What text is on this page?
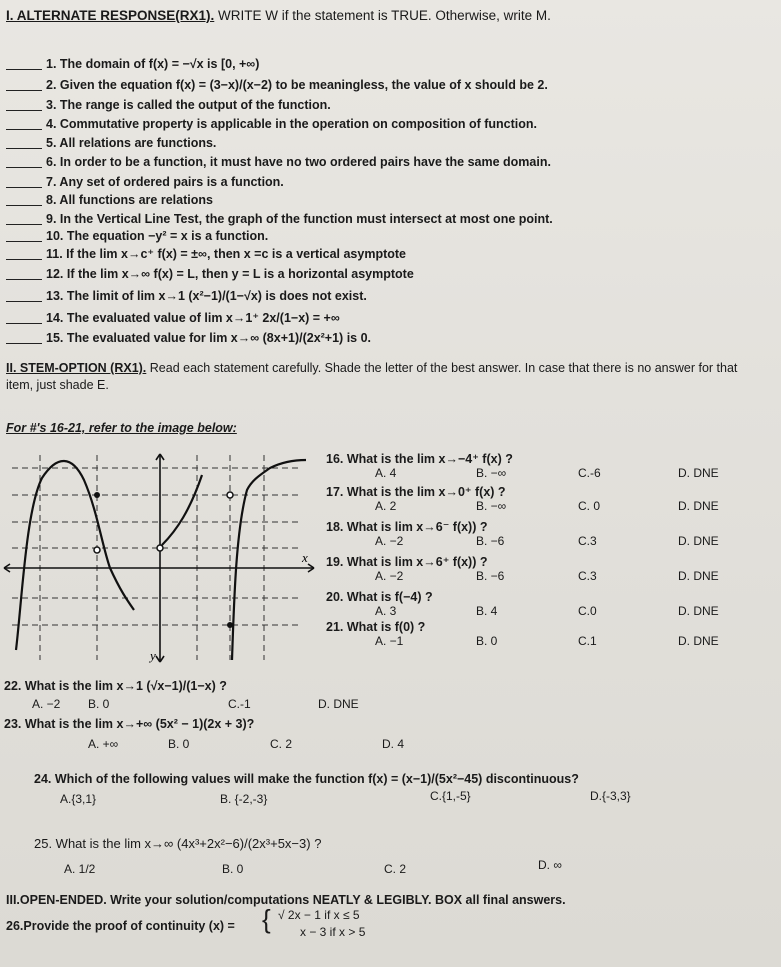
I. ALTERNATE RESPONSE(RX1). WRITE W if the statement is TRUE. Otherwise, write M.
1. The domain of f(x) = −√x is [0, +∞)
2. Given the equation f(x) = (3−x)/(x−2) to be meaningless, the value of x should be 2.
3. The range is called the output of the function.
4. Commutative property is applicable in the operation on composition of function.
5. All relations are functions.
6. In order to be a function, it must have no two ordered pairs have the same domain.
7. Any set of ordered pairs is a function.
8. All functions are relations
9. In the Vertical Line Test, the graph of the function must intersect at most one point.
10. The equation −y² = x is a function.
11. If the lim x→c⁺ f(x) = ±∞, then x =c is a vertical asymptote
12. If the lim x→∞ f(x) = L, then y = L is a horizontal asymptote
13. The limit of lim x→1 (x²−1)/(1−√x) is does not exist.
14. The evaluated value of lim x→1⁺ 2x/(1−x) = +∞
15. The evaluated value for lim x→∞ (8x+1)/(2x²+1) is 0.
II. STEM-OPTION (RX1). Read each statement carefully. Shade the letter of the best answer. In case that there is no answer for that
item, just shade E.
For #'s 16-21, refer to the image below:
x
y
16. What is the lim x→−4⁺ f(x) ?
A. 4	B. −∞	C.-6	D. DNE
17. What is the lim x→0⁺ f(x) ?
A. 2	B. −∞	C. 0	D. DNE
18. What is lim x→6⁻ f(x)) ?
A. −2	B. −6	C.3	D. DNE
19. What is lim x→6⁺ f(x)) ?
A. −2	B. −6	C.3	D. DNE
20. What is f(−4) ?
A. 3	B. 4	C.0	D. DNE
21. What is f(0) ?
A. −1	B. 0	C.1	D. DNE
22. What is the lim x→1 (√x−1)/(1−x) ?
A. −2 B. 0	C.-1	D. DNE
23. What is the lim x→+∞ (5x² − 1)(2x + 3)?
A. +∞	B. 0	C. 2	D. 4
24. Which of the following values will make the function f(x) = (x−1)/(5x²−45) discontinuous?
A.{3,1}	B. {-2,-3}	C.{1,-5}	D.{-3,3}
25. What is the lim x→∞ (4x³+2x²−6)/(2x³+5x−3) ?
A. 1/2	B. 0	C. 2	D. ∞
III.OPEN-ENDED. Write your solution/computations NEATLY & LEGIBLY. BOX all final answers.
26.Provide the proof of continuity (x) = { √ 2x − 1 if x ≤ 5
x − 3 if x > 5
